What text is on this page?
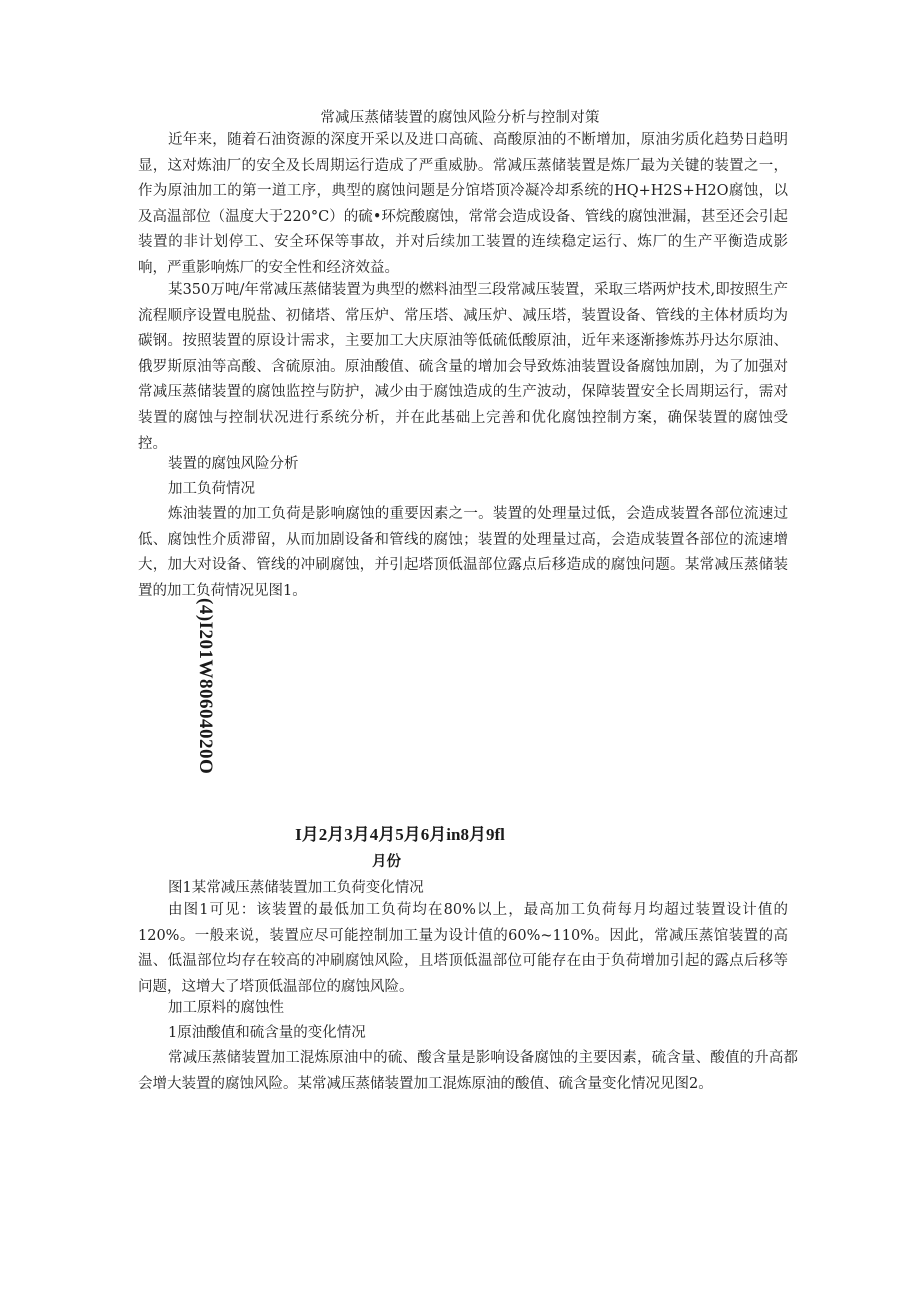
常减压蒸储装置的腐蚀风险分析与控制对策
近年来，随着石油资源的深度开采以及进口高硫、高酸原油的不断增加，原油劣质化趋势日趋明显，这对炼油厂的安全及长周期运行造成了严重威胁。常减压蒸储装置是炼厂最为关键的装置之一，作为原油加工的第一道工序，典型的腐蚀问题是分馆塔顶冷凝冷却系统的HQ+H2S+H2O腐蚀，以及高温部位（温度大于220°C）的硫•环烷酸腐蚀，常常会造成设备、管线的腐蚀泄漏，甚至还会引起装置的非计划停工、安全环保等事故，并对后续加工装置的连续稳定运行、炼厂的生产平衡造成影响，严重影响炼厂的安全性和经济效益。
某350万吨/年常减压蒸储装置为典型的燃料油型三段常减压装置，采取三塔两炉技术,即按照生产流程顺序设置电脱盐、初储塔、常压炉、常压塔、减压炉、减压塔，装置设备、管线的主体材质均为碳钢。按照装置的原设计需求，主要加工大庆原油等低硫低酸原油，近年来逐渐掺炼苏丹达尔原油、俄罗斯原油等高酸、含硫原油。原油酸值、硫含量的增加会导致炼油装置设备腐蚀加剧，为了加强对常减压蒸储装置的腐蚀监控与防护，减少由于腐蚀造成的生产波动，保障装置安全长周期运行，需对装置的腐蚀与控制状况进行系统分析，并在此基础上完善和优化腐蚀控制方案，确保装置的腐蚀受控。
装置的腐蚀风险分析
加工负荷情况
炼油装置的加工负荷是影响腐蚀的重要因素之一。装置的处理量过低，会造成装置各部位流速过低、腐蚀性介质滞留，从而加剧设备和管线的腐蚀；装置的处理量过高，会造成装置各部位的流速增大，加大对设备、管线的冲刷腐蚀，并引起塔顶低温部位露点后移造成的腐蚀问题。某常减压蒸储装置的加工负荷情况见图1。
(4)I201W80604020O
I月2月3月4月5月6月in8月9fl
月份
图1某常减压蒸储装置加工负荷变化情况
由图1可见：该装置的最低加工负荷均在80%以上，最高加工负荷每月均超过装置设计值的120%。一般来说，装置应尽可能控制加工量为设计值的60%~110%。因此，常减压蒸馆装置的高温、低温部位均存在较高的冲刷腐蚀风险，且塔顶低温部位可能存在由于负荷增加引起的露点后移等问题，这增大了塔顶低温部位的腐蚀风险。
加工原料的腐蚀性
1原油酸值和硫含量的变化情况
常减压蒸储装置加工混炼原油中的硫、酸含量是影响设备腐蚀的主要因素，硫含量、酸值的升高都会增大装置的腐蚀风险。某常减压蒸储装置加工混炼原油的酸值、硫含量变化情况见图2。
